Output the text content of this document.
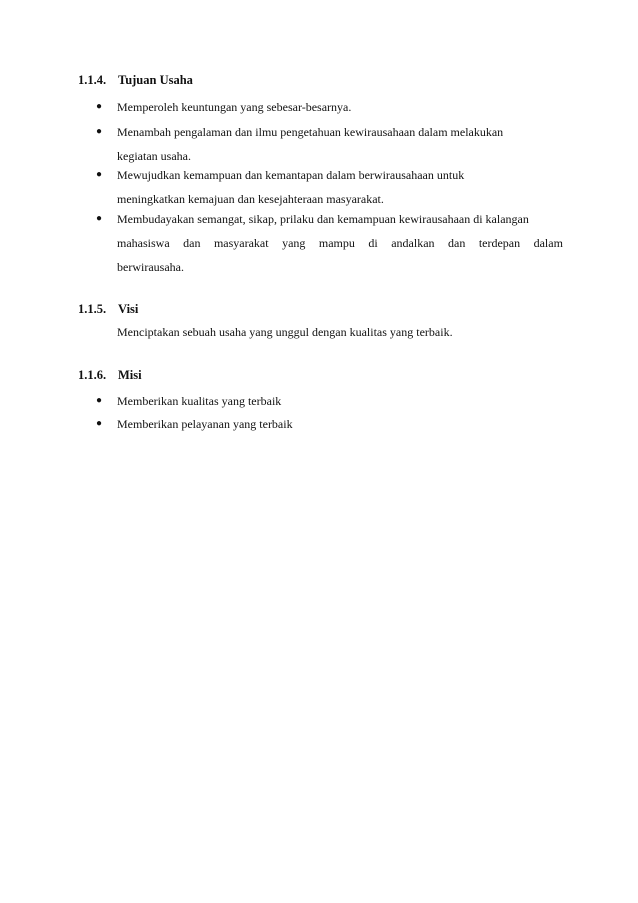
1.1.4. Tujuan Usaha
● Memperoleh keuntungan yang sebesar-besarnya.
● Menambah pengalaman dan ilmu pengetahuan kewirausahaan dalam melakukan
kegiatan usaha.
● Mewujudkan kemampuan dan kemantapan dalam berwirausahaan untuk
meningkatkan kemajuan dan kesejahteraan masyarakat.
● Membudayakan semangat, sikap, prilaku dan kemampuan kewirausahaan di kalangan
mahasiswa dan masyarakat yang mampu di andalkan dan terdepan dalam
berwirausaha.
1.1.5. Visi
Menciptakan sebuah usaha yang unggul dengan kualitas yang terbaik.
1.1.6. Misi
● Memberikan kualitas yang terbaik
● Memberikan pelayanan yang terbaik
